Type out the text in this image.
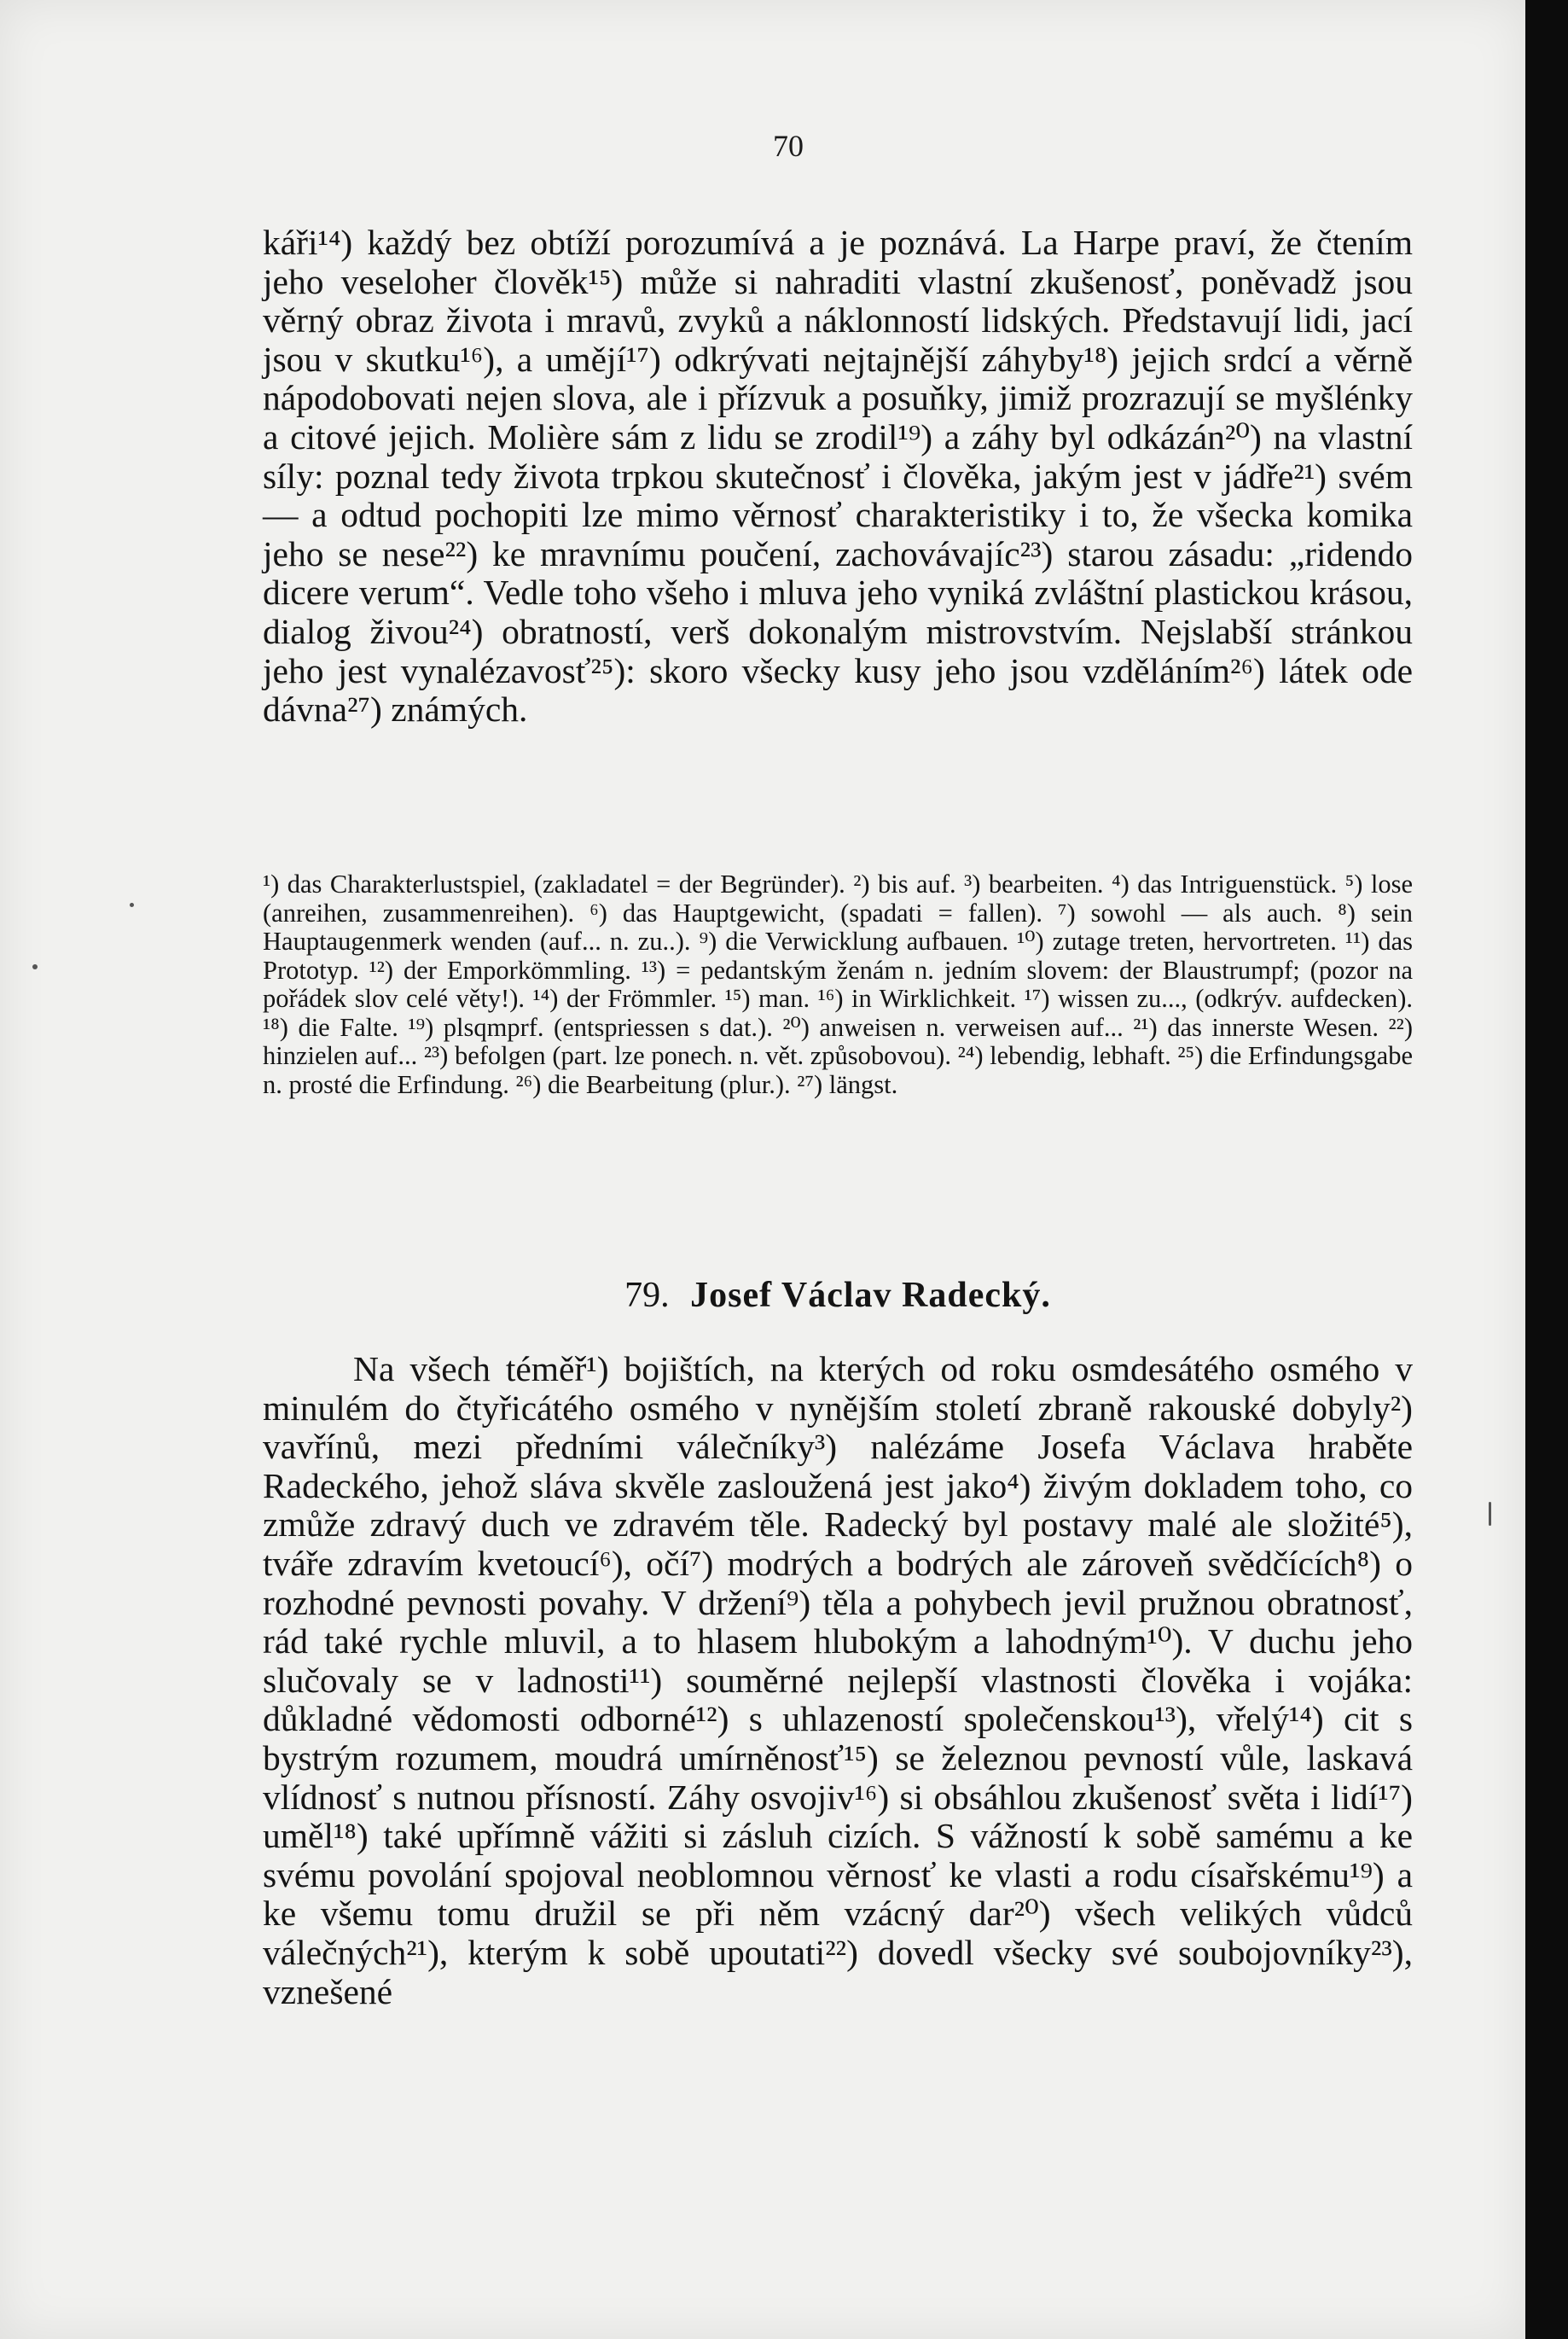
70

káři¹⁴) každý bez obtíží porozumívá a je poznává. La Harpe praví, že čtením jeho veseloher člověk¹⁵) může si nahraditi vlastní zkušenosť, poněvadž jsou věrný obraz života i mravů, zvyků a náklonností lidských. Představují lidi, jací jsou v skutku¹⁶), a umějí¹⁷) odkrývati nejtajnější záhyby¹⁸) jejich srdcí a věrně nápodobovati nejen slova, ale i přízvuk a posuňky, jimiž prozrazují se myšlénky a citové jejich. Molière sám z lidu se zrodil¹⁹) a záhy byl odkázán²⁰) na vlastní síly: poznal tedy života trpkou skutečnosť i člověka, jakým jest v jádře²¹) svém — a odtud pochopiti lze mimo věrnosť charakteristiky i to, že všecka komika jeho se nese²²) ke mravnímu poučení, zachovávajíc²³) starou zásadu: „ridendo dicere verum“. Vedle toho všeho i mluva jeho vyniká zvláštní plastickou krásou, dialog živou²⁴) obratností, verš dokonalým mistrovstvím. Nejslabší stránkou jeho jest vynalézavosť²⁵): skoro všecky kusy jeho jsou vzděláním²⁶) látek ode dávna²⁷) známých.

¹) das Charakterlustspiel, (zakladatel = der Begründer). ²) bis auf. ³) bearbeiten. ⁴) das Intriguenstück. ⁵) lose (anreihen, zusammenreihen). ⁶) das Hauptgewicht, (spadati = fallen). ⁷) sowohl — als auch. ⁸) sein Hauptaugenmerk wenden (auf... n. zu..). ⁹) die Verwicklung aufbauen. ¹⁰) zutage treten, hervortreten. ¹¹) das Prototyp. ¹²) der Emporkömmling. ¹³) = pedantským ženám n. jedním slovem: der Blaustrumpf; (pozor na pořádek slov celé věty!). ¹⁴) der Frömmler. ¹⁵) man. ¹⁶) in Wirklichkeit. ¹⁷) wissen zu..., (odkrýv. aufdecken). ¹⁸) die Falte. ¹⁹) plsqmprf. (entspriessen s dat.). ²⁰) anweisen n. verweisen auf... ²¹) das innerste Wesen. ²²) hinzielen auf... ²³) befolgen (part. lze ponech. n. vět. způsobovou). ²⁴) lebendig, lebhaft. ²⁵) die Erfindungsgabe n. prosté die Erfindung. ²⁶) die Bearbeitung (plur.). ²⁷) längst.

79. Josef Václav Radecký.

Na všech téměř¹) bojištích, na kterých od roku osmdesátého osmého v minulém do čtyřicátého osmého v nynějším století zbraně rakouské dobyly²) vavřínů, mezi předními válečníky³) nalézáme Josefa Václava hraběte Radeckého, jehož sláva skvěle zasloužená jest jako⁴) živým dokladem toho, co zmůže zdravý duch ve zdravém těle. Radecký byl postavy malé ale složité⁵), tváře zdravím kvetoucí⁶), očí⁷) modrých a bodrých ale zároveň svědčících⁸) o rozhodné pevnosti povahy. V držení⁹) těla a pohybech jevil pružnou obratnosť, rád také rychle mluvil, a to hlasem hlubokým a lahodným¹⁰). V duchu jeho slučovaly se v ladnosti¹¹) souměrné nejlepší vlastnosti člověka i vojáka: důkladné vědomosti odborné¹²) s uhlazeností společenskou¹³), vřelý¹⁴) cit s bystrým rozumem, moudrá umírněnosť¹⁵) se železnou pevností vůle, laskavá vlídnosť s nutnou přísností. Záhy osvojiv¹⁶) si obsáhlou zkušenosť světa i lidí¹⁷) uměl¹⁸) také upřímně vážiti si zásluh cizích. S vážností k sobě samému a ke svému povolání spojoval neoblomnou věrnosť ke vlasti a rodu císařskému¹⁹) a ke všemu tomu družil se při něm vzácný dar²⁰) všech velikých vůdců válečných²¹), kterým k sobě upoutati²²) dovedl všecky své soubojovníky²³), vznešené
